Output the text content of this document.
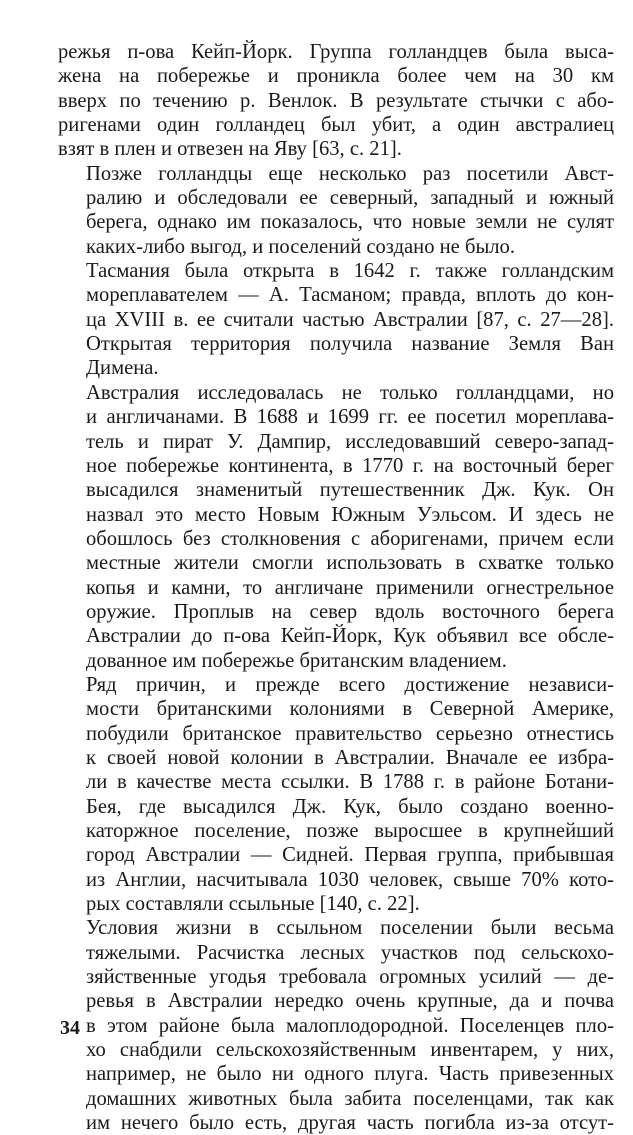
режья п-ова Кейп-Йорк. Группа голландцев была выса-
жена на побережье и проникла более чем на 30 км
вверх по течению р. Венлок. В результате стычки с або-
ригенами один голландец был убит, а один австралиец
взят в плен и отвезен на Яву [63, с. 21].

Позже голландцы еще несколько раз посетили Авст-
ралию и обследовали ее северный, западный и южный
берега, однако им показалось, что новые земли не сулят
каких-либо выгод, и поселений создано не было.

Тасмания была открыта в 1642 г. также голландским
мореплавателем — А. Тасманом; правда, вплоть до кон-
ца XVIII в. ее считали частью Австралии [87, с. 27—28].
Открытая территория получила название Земля Ван
Димена.

Австралия исследовалась не только голландцами, но
и англичанами. В 1688 и 1699 гг. ее посетил мореплава-
тель и пират У. Дампир, исследовавший северо-запад-
ное побережье континента, в 1770 г. на восточный берег
высадился знаменитый путешественник Дж. Кук. Он
назвал это место Новым Южным Уэльсом. И здесь не
обошлось без столкновения с аборигенами, причем если
местные жители смогли использовать в схватке только
копья и камни, то англичане применили огнестрельное
оружие. Проплыв на север вдоль восточного берега
Австралии до п-ова Кейп-Йорк, Кук объявил все обсле-
дованное им побережье британским владением.

Ряд причин, и прежде всего достижение независи-
мости британскими колониями в Северной Америке,
побудили британское правительство серьезно отнестись
к своей новой колонии в Австралии. Вначале ее избра-
ли в качестве места ссылки. В 1788 г. в районе Ботани-
Бея, где высадился Дж. Кук, было создано военно-
каторжное поселение, позже выросшее в крупнейший
город Австралии — Сидней. Первая группа, прибывшая
из Англии, насчитывала 1030 человек, свыше 70% кото-
рых составляли ссыльные [140, с. 22].

Условия жизни в ссыльном поселении были весьма
тяжелыми. Расчистка лесных участков под сельскохо-
зяйственные угодья требовала огромных усилий — де-
ревья в Австралии нередко очень крупные, да и почва
в этом районе была малоплодородной. Поселенцев пло-
хо снабдили сельскохозяйственным инвентарем, у них,
например, не было ни одного плуга. Часть привезенных
домашних животных была забита поселенцами, так как
им нечего было есть, другая часть погибла из-за отсут-

34
